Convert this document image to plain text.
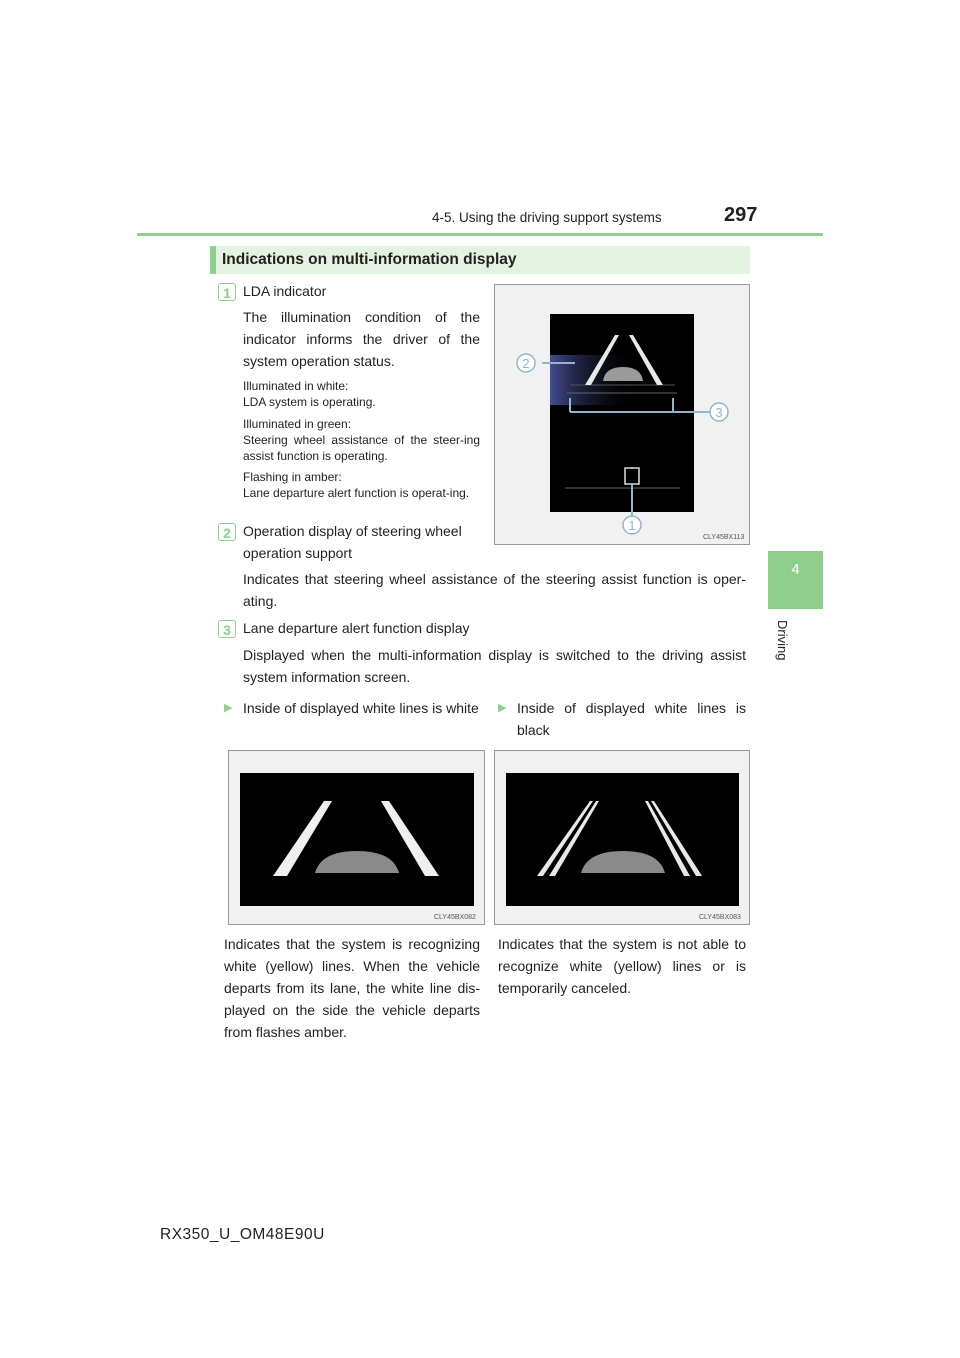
4-5. Using the driving support systems	297
4
Driving
Indications on multi-information display
1 LDA indicator
The illumination condition of the indicator informs the driver of the system operation status.
Illuminated in white:
LDA system is operating.
Illuminated in green:
Steering wheel assistance of the steer-ing assist function is operating.
Flashing in amber:
Lane departure alert function is operat-ing.
2 Operation display of steering wheel operation support
Indicates that steering wheel assistance of the steering assist function is oper-ating.
3 Lane departure alert function display
Displayed when the multi-information display is switched to the driving assist system information screen.
2
3
1
CLY45BX113
▶ Inside of displayed white lines is white ▶ Inside of displayed white lines is black
CLY45BX082	CLY45BX083
Indicates that the system is recognizing white (yellow) lines. When the vehicle departs from its lane, the white line dis-played on the side the vehicle departs from flashes amber.
Indicates that the system is not able to recognize white (yellow) lines or is temporarily canceled.
RX350_U_OM48E90U
